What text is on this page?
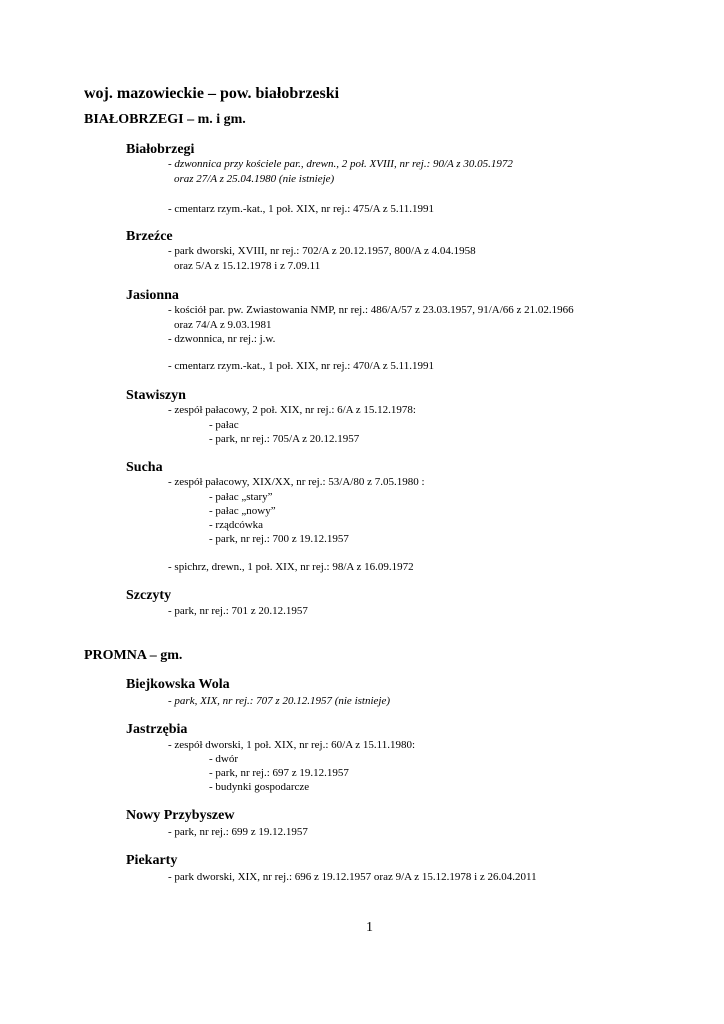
woj. mazowieckie – pow. białobrzeski
BIAŁOBRZEGI – m. i gm.
Białobrzegi
- dzwonnica przy kościele par., drewn., 2 poł. XVIII, nr rej.: 90/A z 30.05.1972
oraz 27/A z 25.04.1980 (nie istnieje)
- cmentarz rzym.-kat., 1 poł. XIX, nr rej.: 475/A z 5.11.1991
Brzeźce
- park dworski, XVIII, nr rej.: 702/A z 20.12.1957, 800/A z 4.04.1958
oraz 5/A z 15.12.1978 i z 7.09.11
Jasionna
- kościół par. pw. Zwiastowania NMP, nr rej.: 486/A/57 z 23.03.1957, 91/A/66 z 21.02.1966
oraz 74/A z 9.03.1981
- dzwonnica, nr rej.: j.w.
- cmentarz rzym.-kat., 1 poł. XIX, nr rej.: 470/A z 5.11.1991
Stawiszyn
- zespół pałacowy, 2 poł. XIX, nr rej.: 6/A z 15.12.1978:
- pałac
- park, nr rej.: 705/A z 20.12.1957
Sucha
- zespół pałacowy, XIX/XX, nr rej.: 53/A/80 z 7.05.1980 :
- pałac „stary”
- pałac „nowy”
- rządcówka
- park, nr rej.: 700 z 19.12.1957
- spichrz, drewn., 1 poł. XIX, nr rej.: 98/A z 16.09.1972
Szczyty
- park, nr rej.: 701 z 20.12.1957
PROMNA – gm.
Biejkowska Wola
- park, XIX, nr rej.: 707 z 20.12.1957 (nie istnieje)
Jastrzębia
- zespół dworski, 1 poł. XIX, nr rej.: 60/A z 15.11.1980:
- dwór
- park, nr rej.: 697 z 19.12.1957
- budynki gospodarcze
Nowy Przybyszew
- park, nr rej.: 699 z 19.12.1957
Piekarty
- park dworski, XIX, nr rej.: 696 z 19.12.1957 oraz 9/A z 15.12.1978 i z 26.04.2011
1
